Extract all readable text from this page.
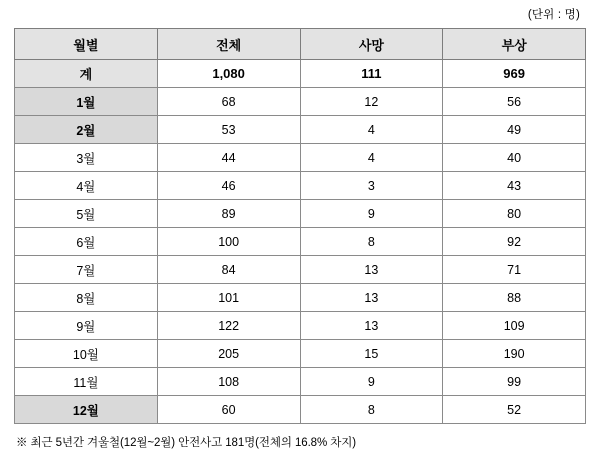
(단위 : 명)
월별	전체	사망	부상
계	1,080	111	969
1월	68	12	56
2월	53	4	49
3월	44	4	40
4월	46	3	43
5월	89	9	80
6월	100	8	92
7월	84	13	71
8월	101	13	88
9월	122	13	109
10월	205	15	190
11월	108	9	99
12월	60	8	52
※ 최근 5년간 겨울철(12월~2월) 안전사고 181명(전체의 16.8% 차지)
